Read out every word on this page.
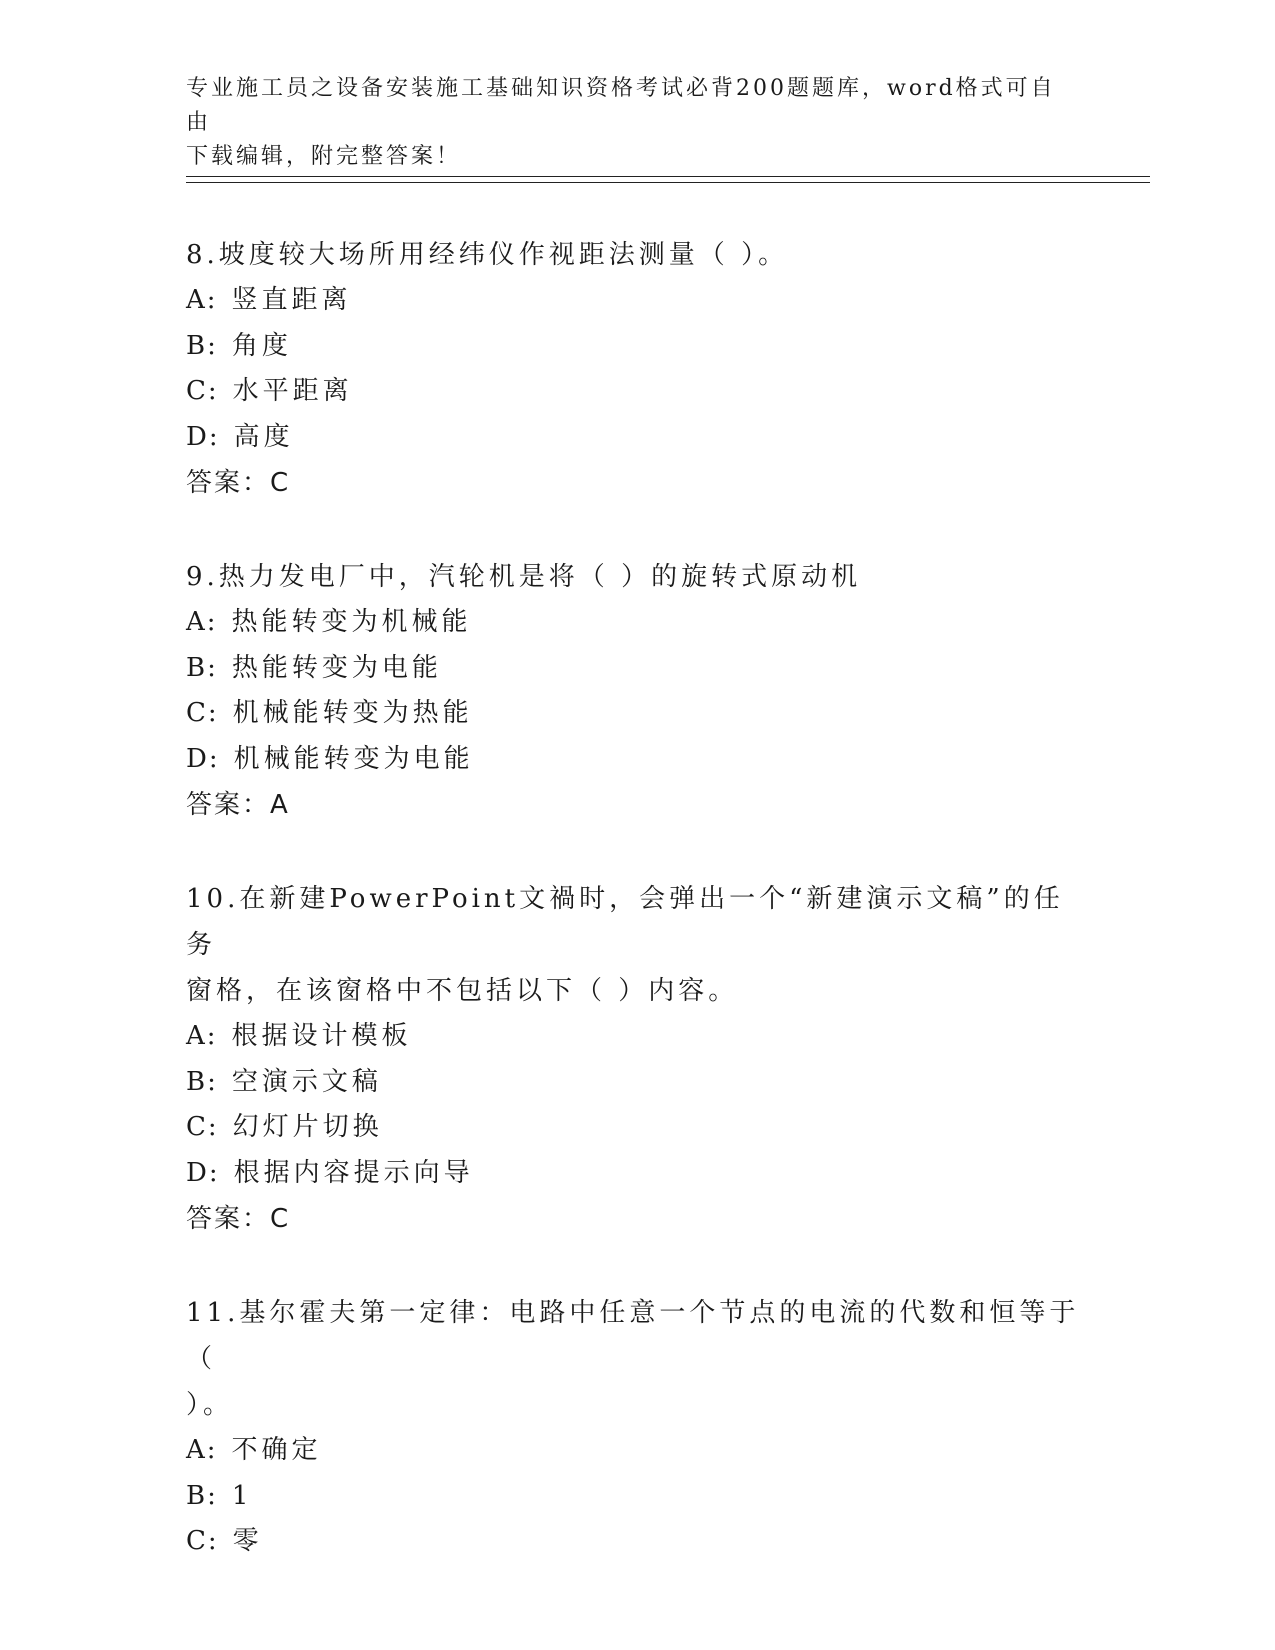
专业施工员之设备安装施工基础知识资格考试必背200题题库，word格式可自由
下载编辑，附完整答案！

8.坡度较大场所用经纬仪作视距法测量（ ）。

A: 竖直距离

B: 角度

C: 水平距离

D: 高度

答案：C

9.热力发电厂中，汽轮机是将（ ）的旋转式原动机

A: 热能转变为机械能

B: 热能转变为电能

C: 机械能转变为热能

D: 机械能转变为电能

答案：A

10.在新建PowerPoint文禍时，会弹出一个“新建演示文稿”的任务

窗格，在该窗格中不包括以下（ ）内容。

A: 根据设计模板

B: 空演示文稿

C: 幻灯片切换

D: 根据内容提示向导

答案：C

11.基尔霍夫第一定律：电路中任意一个节点的电流的代数和恒等于（

）。

A: 不确定

B: 1

C: 零
